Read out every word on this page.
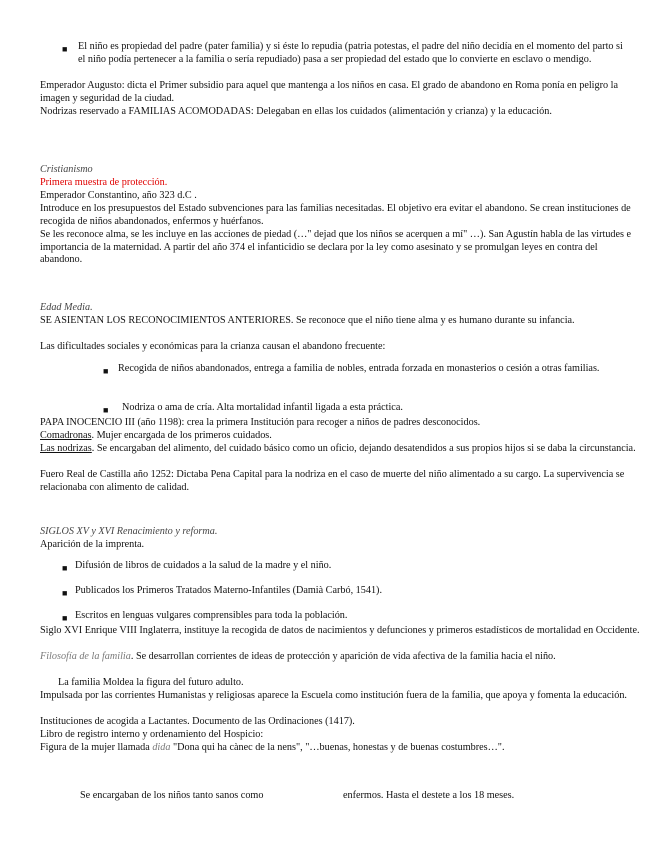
■ El niño es propiedad del padre (pater familia) y si éste lo repudia (patria potestas, el padre del niño decidía en el momento del parto si el niño podía pertenecer a la familia o sería repudiado) pasa a ser propiedad del estado que lo convierte en esclavo o mendigo.

Emperador Augusto: dicta el Primer subsidio para aquel que mantenga a los niños en casa. El grado de abandono en Roma ponía en peligro la imagen y seguridad de la ciudad.

Nodrizas reservado a FAMILIAS ACOMODADAS: Delegaban en ellas los cuidados (alimentación y crianza) y la educación.

Cristianismo

Primera muestra de protección.

Emperador Constantino, año 323 d.C .

Introduce en los presupuestos del Estado subvenciones para las familias necesitadas. El objetivo era evitar el abandono. Se crean instituciones de recogida de niños abandonados, enfermos y huérfanos.

Se les reconoce alma, se les incluye en las acciones de piedad (…" dejad que los niños se acerquen a mí" …). San Agustín habla de las virtudes e importancia de la maternidad. A partir del año 374 el infanticidio se declara por la ley como asesinato y se promulgan leyes en contra del abandono.

Edad Media.

SE ASIENTAN LOS RECONOCIMIENTOS ANTERIORES. Se reconoce que el niño tiene alma y es humano durante su infancia.

Las dificultades sociales y económicas para la crianza causan el abandono frecuente:

■ Recogida de niños abandonados, entrega a familia de nobles, entrada forzada en monasterios o cesión a otras familias.

■ Nodriza o ama de cría. Alta mortalidad infantil ligada a esta práctica.

PAPA INOCENCIO III (año 1198): crea la primera Institución para recoger a niños de padres desconocidos.

Comadronas. Mujer encargada de los primeros cuidados.

Las nodrizas. Se encargaban del alimento, del cuidado básico como un oficio, dejando desatendidos a sus propios hijos si se daba la circunstancia.

Fuero Real de Castilla año 1252: Dictaba Pena Capital para la nodriza en el caso de muerte del niño alimentado a su cargo. La supervivencia se relacionaba con alimento de calidad.

SIGLOS XV y XVI Renacimiento y reforma.

Aparición de la imprenta.

■ Difusión de libros de cuidados a la salud de la madre y el niño.

■ Publicados los Primeros Tratados Materno-Infantiles (Damià Carbó, 1541).

■ Escritos en lenguas vulgares comprensibles para toda la población.

Siglo XVI Enrique VIII Inglaterra, instituye la recogida de datos de nacimientos y defunciones y primeros estadísticos de mortalidad en Occidente.

Filosofía de la familia. Se desarrollan corrientes de ideas de protección y aparición de vida afectiva de la familia hacia el niño.

La familia Moldea la figura del futuro adulto.

Impulsada por las corrientes Humanistas y religiosas aparece la Escuela como institución fuera de la familia, que apoya y fomenta la educación.

Instituciones de acogida a Lactantes. Documento de las Ordinaciones (1417).

Libro de registro interno y ordenamiento del Hospicio:

Figura de la mujer llamada dida "Dona qui ha cànec de la nens", "…buenas, honestas y de buenas costumbres…".

Se encargaban de los niños tanto sanos como	enfermos. Hasta el destete a los 18 meses.
